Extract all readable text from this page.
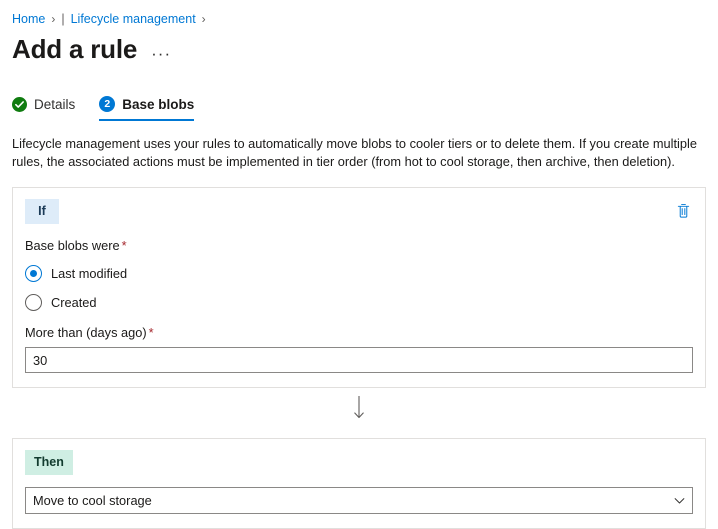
Home › | Lifecycle management ›
Add a rule ···
Details	2 Base blobs
Lifecycle management uses your rules to automatically move blobs to cooler tiers or to delete them. If you create multiple rules, the associated actions must be implemented in tier order (from hot to cool storage, then archive, then deletion).
If
Base blobs were *
Last modified
Created
More than (days ago) *
30
Then
Move to cool storage
